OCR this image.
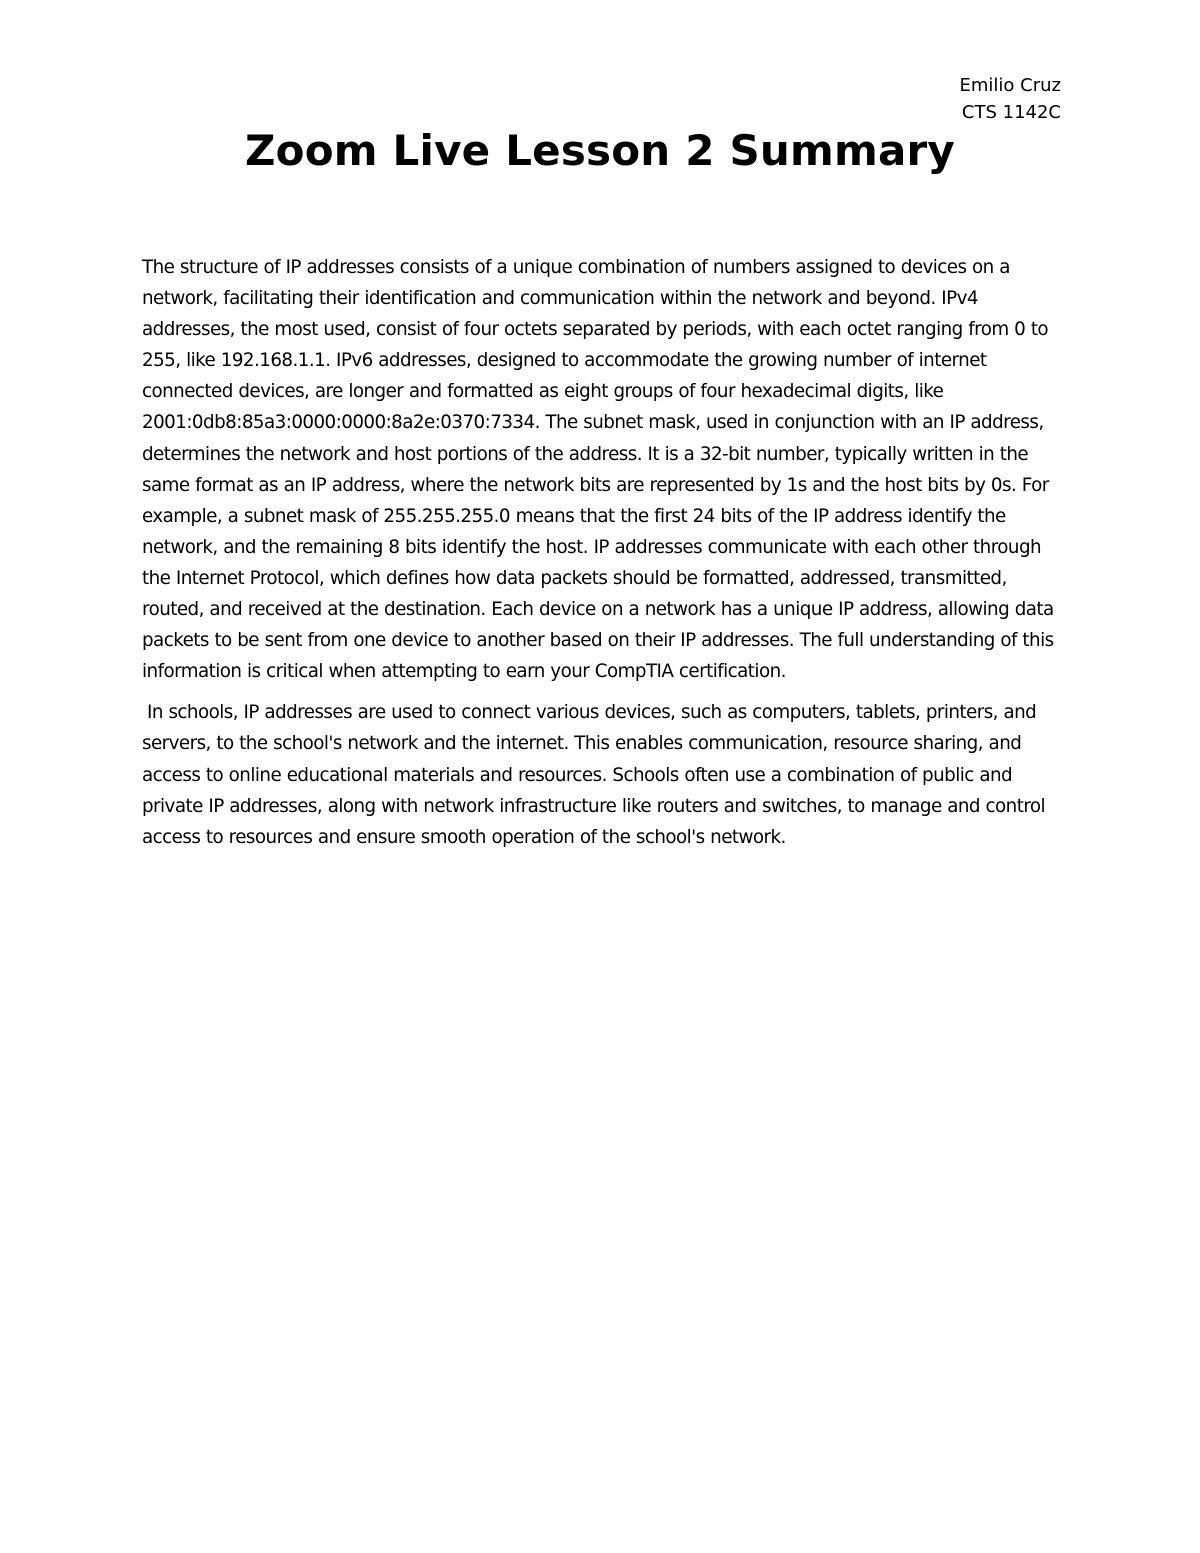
Emilio Cruz
CTS 1142C
Zoom Live Lesson 2 Summary

The structure of IP addresses consists of a unique combination of numbers assigned to devices on a network, facilitating their identification and communication within the network and beyond. IPv4 addresses, the most used, consist of four octets separated by periods, with each octet ranging from 0 to 255, like 192.168.1.1. IPv6 addresses, designed to accommodate the growing number of internet connected devices, are longer and formatted as eight groups of four hexadecimal digits, like 2001:0db8:85a3:0000:0000:8a2e:0370:7334. The subnet mask, used in conjunction with an IP address, determines the network and host portions of the address. It is a 32-bit number, typically written in the same format as an IP address, where the network bits are represented by 1s and the host bits by 0s. For example, a subnet mask of 255.255.255.0 means that the first 24 bits of the IP address identify the network, and the remaining 8 bits identify the host. IP addresses communicate with each other through the Internet Protocol, which defines how data packets should be formatted, addressed, transmitted, routed, and received at the destination. Each device on a network has a unique IP address, allowing data packets to be sent from one device to another based on their IP addresses. The full understanding of this information is critical when attempting to earn your CompTIA certification.

In schools, IP addresses are used to connect various devices, such as computers, tablets, printers, and servers, to the school's network and the internet. This enables communication, resource sharing, and access to online educational materials and resources. Schools often use a combination of public and private IP addresses, along with network infrastructure like routers and switches, to manage and control access to resources and ensure smooth operation of the school's network.
